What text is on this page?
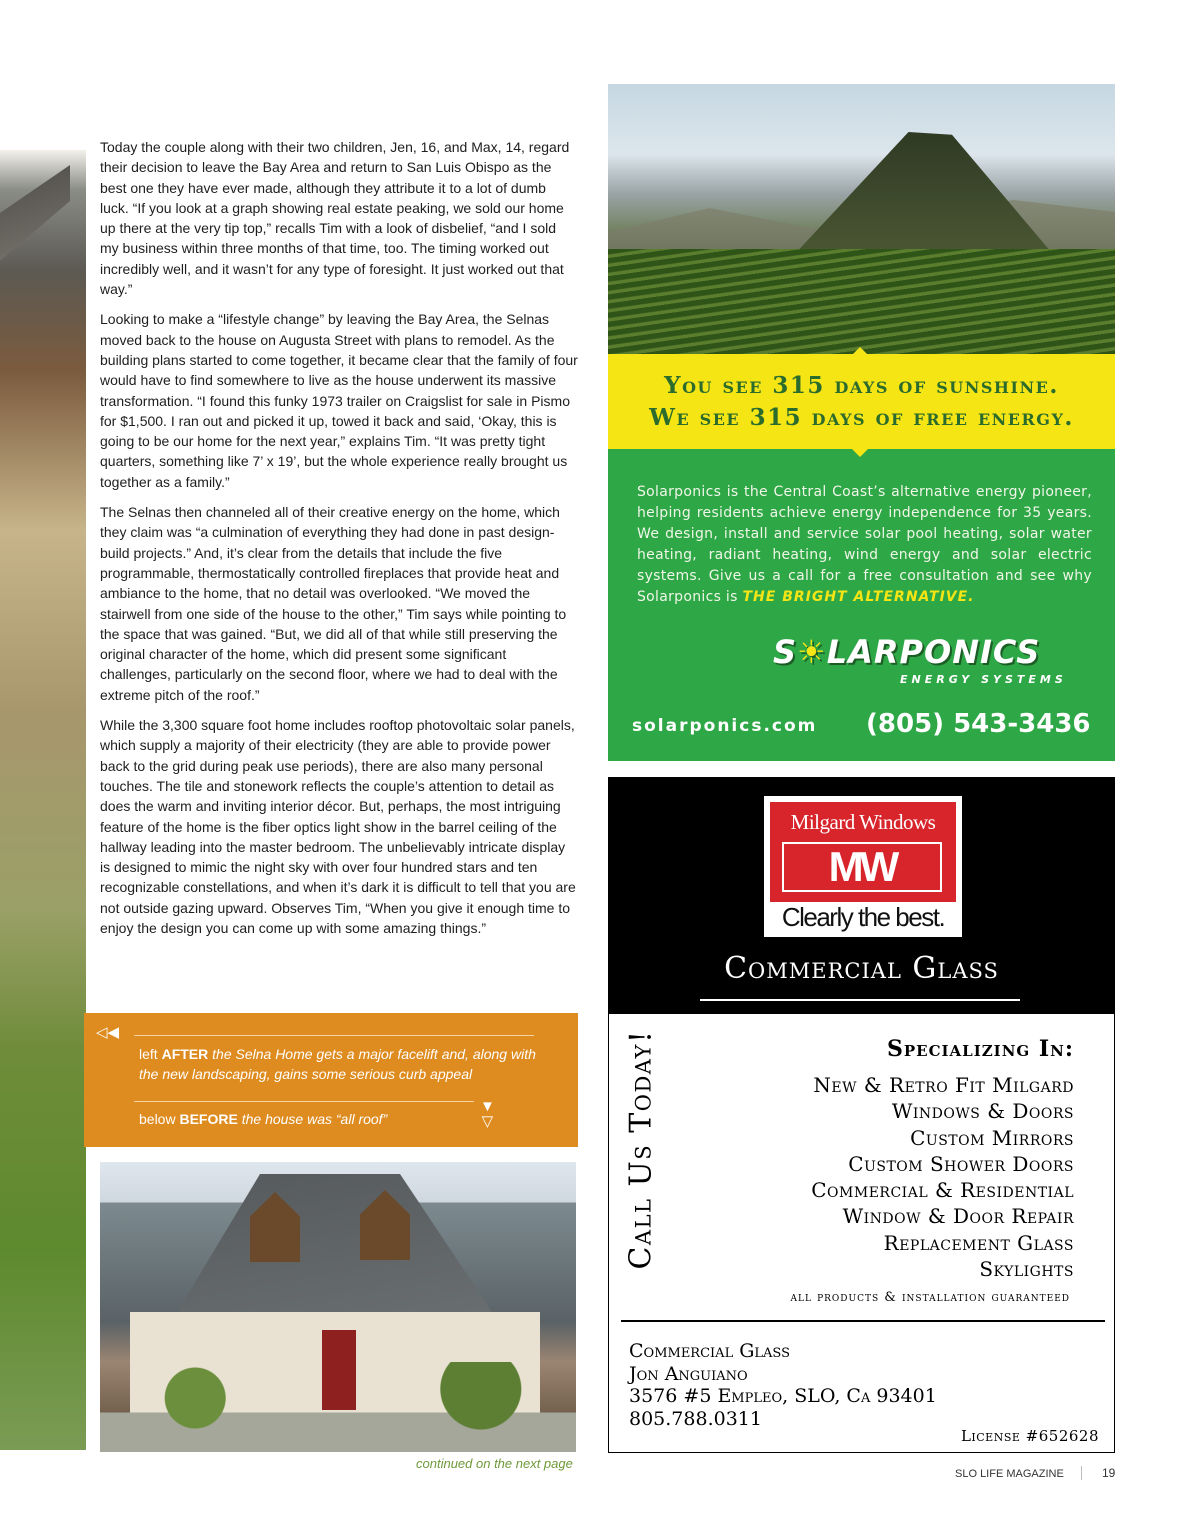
Today the couple along with their two children, Jen, 16, and Max, 14, regard their decision to leave the Bay Area and return to San Luis Obispo as the best one they have ever made, although they attribute it to a lot of dumb luck. “If you look at a graph showing real estate peaking, we sold our home up there at the very tip top,” recalls Tim with a look of disbelief, “and I sold my business within three months of that time, too. The timing worked out incredibly well, and it wasn’t for any type of foresight. It just worked out that way.”

Looking to make a “lifestyle change” by leaving the Bay Area, the Selnas moved back to the house on Augusta Street with plans to remodel. As the building plans started to come together, it became clear that the family of four would have to find somewhere to live as the house underwent its massive transformation. “I found this funky 1973 trailer on Craigslist for sale in Pismo for $1,500. I ran out and picked it up, towed it back and said, ‘Okay, this is going to be our home for the next year,” explains Tim. “It was pretty tight quarters, something like 7’ x 19’, but the whole experience really brought us together as a family.”

The Selnas then channeled all of their creative energy on the home, which they claim was “a culmination of everything they had done in past design-build projects.” And, it’s clear from the details that include the five programmable, thermostatically controlled fireplaces that provide heat and ambiance to the home, that no detail was overlooked. “We moved the stairwell from one side of the house to the other,” Tim says while pointing to the space that was gained. “But, we did all of that while still preserving the original character of the home, which did present some significant challenges, particularly on the second floor, where we had to deal with the extreme pitch of the roof.”

While the 3,300 square foot home includes rooftop photovoltaic solar panels, which supply a majority of their electricity (they are able to provide power back to the grid during peak use periods), there are also many personal touches. The tile and stonework reflects the couple’s attention to detail as does the warm and inviting interior décor. But, perhaps, the most intriguing feature of the home is the fiber optics light show in the barrel ceiling of the hallway leading into the master bedroom. The unbelievably intricate display is designed to mimic the night sky with over four hundred stars and ten recognizable constellations, and when it’s dark it is difficult to tell that you are not outside gazing upward. Observes Tim, “When you give it enough time to enjoy the design you can come up with some amazing things.”

◁◀
left AFTER the Selna Home gets a major facelift and, along with the new landscaping, gains some serious curb appeal
below BEFORE the house was “all roof”
▼
▽
continued on the next page
You see 315 days of sunshine.
We see 315 days of free energy.
Solarponics is the Central Coast’s alternative energy pioneer, helping residents achieve energy independence for 35 years. We design, install and service solar pool heating, solar water heating, radiant heating, wind energy and solar electric systems. Give us a call for a free consultation and see why Solarponics is THE BRIGHT ALTERNATIVE.
S☀LARPONICS
ENERGY SYSTEMS
solarponics.com (805) 543-3436
Milgard Windows
MW
Clearly the best.
Commercial Glass
Call Us Today!	Specializing In:
New & Retro Fit Milgard
Windows & Doors
Custom Mirrors
Custom Shower Doors
Commercial & Residential
Window & Door Repair
Replacement Glass
Skylights
all products & installation guaranteed
Commercial Glass
Jon Anguiano
3576 #5 Empleo, SLO, Ca 93401
805.788.0311
License #652628
SLO LIFE MAGAZINE	19
